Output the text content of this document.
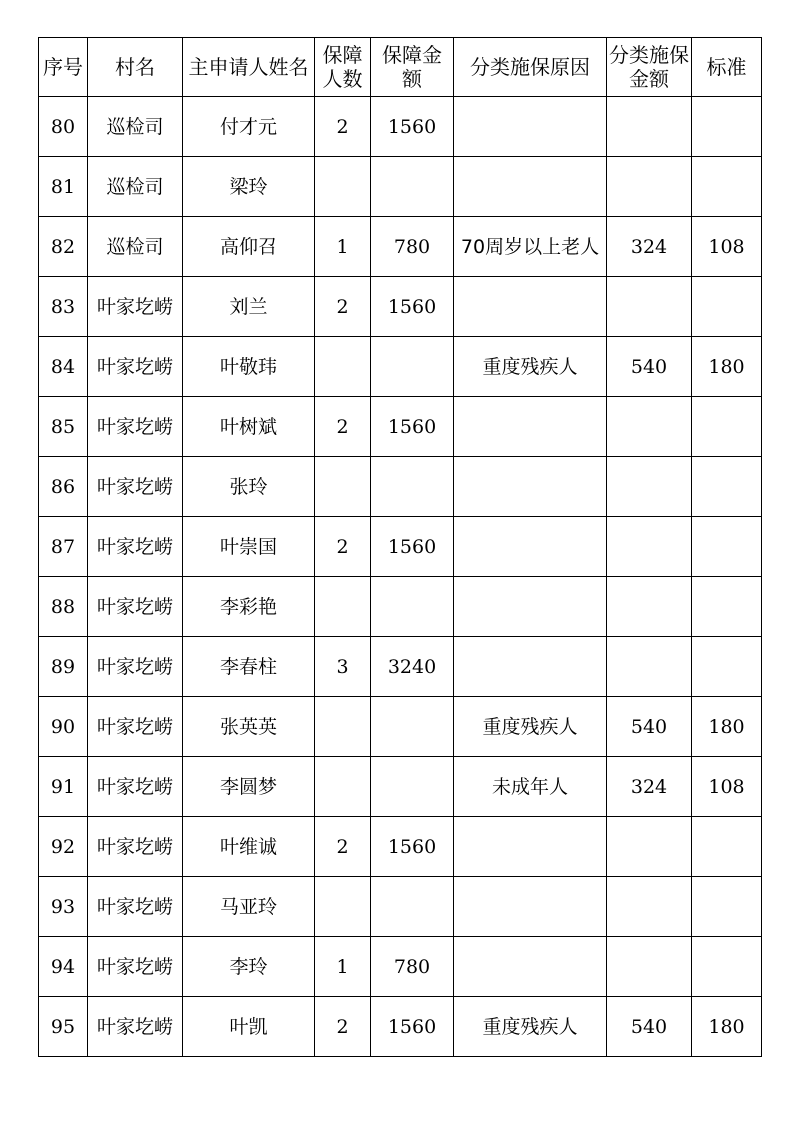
序号	村名	主申请人姓名	保障人数	保障金额	分类施保原因	分类施保金额	标准
80	巡检司	付才元	2	1560			
81	巡检司	梁玲					
82	巡检司	高仰召	1	780	70周岁以上老人	324	108
83	叶家圪崂	刘兰	2	1560			
84	叶家圪崂	叶敬玮			重度残疾人	540	180
85	叶家圪崂	叶树斌	2	1560			
86	叶家圪崂	张玲					
87	叶家圪崂	叶崇国	2	1560			
88	叶家圪崂	李彩艳					
89	叶家圪崂	李春柱	3	3240			
90	叶家圪崂	张英英			重度残疾人	540	180
91	叶家圪崂	李圆梦			未成年人	324	108
92	叶家圪崂	叶维诚	2	1560			
93	叶家圪崂	马亚玲					
94	叶家圪崂	李玲	1	780			
95	叶家圪崂	叶凯	2	1560	重度残疾人	540	180
